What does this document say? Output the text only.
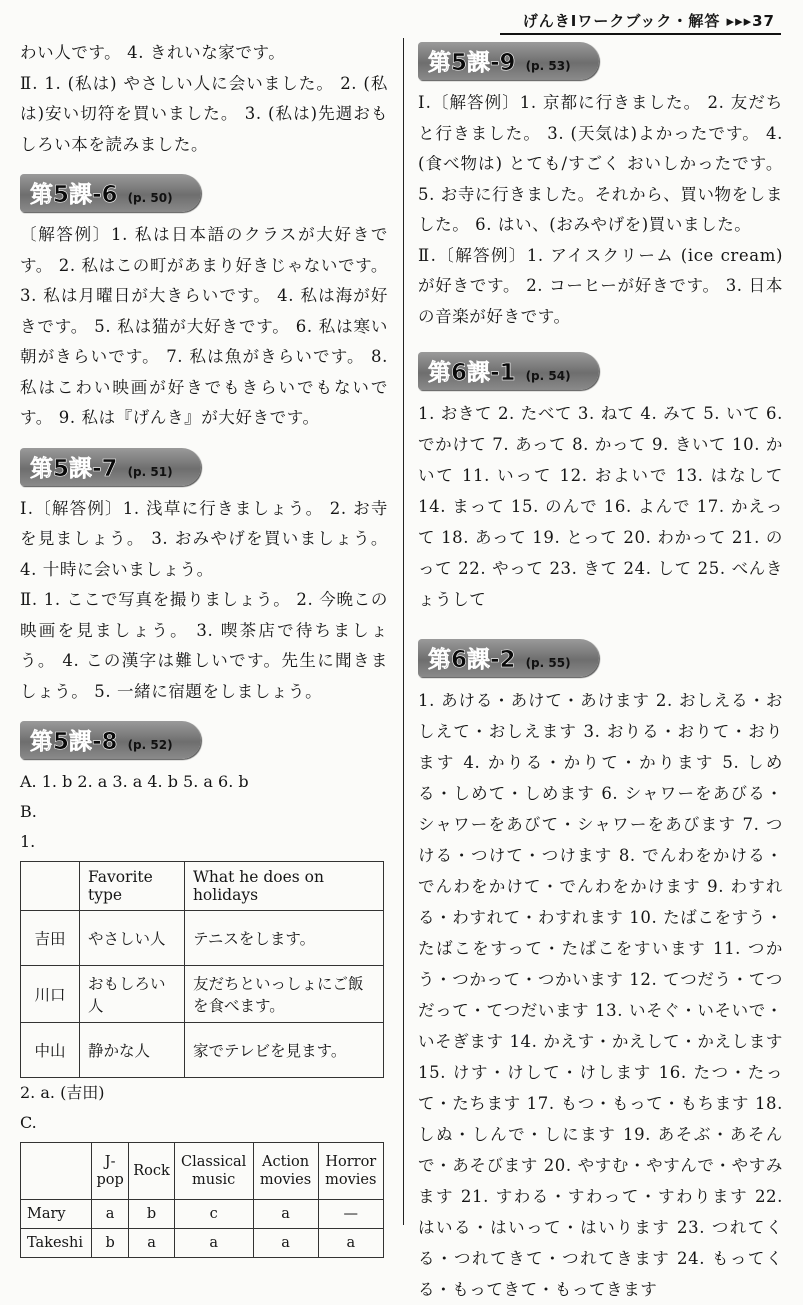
げんきⅠワークブック・解答 ▸▸▸37

わい人です。 4. きれいな家です。

Ⅱ. 1. (私は) やさしい人に会いました。 2. (私は)安い切符を買いました。 3. (私は)先週おもしろい本を読みました。

第5課-6 (p. 50)

〔解答例〕1. 私は日本語のクラスが大好きです。 2. 私はこの町があまり好きじゃないです。 3. 私は月曜日が大きらいです。 4. 私は海が好きです。 5. 私は猫が大好きです。 6. 私は寒い朝がきらいです。 7. 私は魚がきらいです。 8. 私はこわい映画が好きでもきらいでもないです。 9. 私は『げんき』が大好きです。

第5課-7 (p. 51)

Ⅰ.〔解答例〕1. 浅草に行きましょう。 2. お寺を見ましょう。 3. おみやげを買いましょう。 4. 十時に会いましょう。

Ⅱ. 1. ここで写真を撮りましょう。 2. 今晩この映画を見ましょう。 3. 喫茶店で待ちましょう。 4. この漢字は難しいです。先生に聞きましょう。 5. 一緒に宿題をしましょう。

第5課-8 (p. 52)

A. 1. b 2. a 3. a 4. b 5. a 6. b

B.

1.

	Favorite type	What he does on holidays
吉田	やさしい人	テニスをします。
川口	おもしろい人	友だちといっしょにご飯を食べます。
中山	静かな人	家でテレビを見ます。

2. a. (吉田)

C.

	J-pop	Rock	Classical music	Action movies	Horror movies
Mary	a	b	c	a	—
Takeshi	b	a	a	a	a
第5課-9 (p. 53)

Ⅰ.〔解答例〕1. 京都に行きました。 2. 友だちと行きました。 3. (天気は)よかったです。 4. (食べ物は) とても/すごく おいしかったです。 5. お寺に行きました。それから、買い物をしました。 6. はい、(おみやげを)買いました。

Ⅱ.〔解答例〕1. アイスクリーム (ice cream) が好きです。 2. コーヒーが好きです。 3. 日本の音楽が好きです。

第6課-1 (p. 54)

1. おきて 2. たべて 3. ねて 4. みて 5. いて 6. でかけて 7. あって 8. かって 9. きいて 10. かいて 11. いって 12. およいで 13. はなして 14. まって 15. のんで 16. よんで 17. かえって 18. あって 19. とって 20. わかって 21. のって 22. やって 23. きて 24. して 25. べんきょうして

第6課-2 (p. 55)

1. あける・あけて・あけます 2. おしえる・おしえて・おしえます 3. おりる・おりて・おります 4. かりる・かりて・かります 5. しめる・しめて・しめます 6. シャワーをあびる・シャワーをあびて・シャワーをあびます 7. つける・つけて・つけます 8. でんわをかける・でんわをかけて・でんわをかけます 9. わすれる・わすれて・わすれます 10. たばこをすう・たばこをすって・たばこをすいます 11. つかう・つかって・つかいます 12. てつだう・てつだって・てつだいます 13. いそぐ・いそいで・いそぎます 14. かえす・かえして・かえします 15. けす・けして・けします 16. たつ・たって・たちます 17. もつ・もって・もちます 18. しぬ・しんで・しにます 19. あそぶ・あそんで・あそびます 20. やすむ・やすんで・やすみます 21. すわる・すわって・すわります 22. はいる・はいって・はいります 23. つれてくる・つれてきて・つれてきます 24. もってくる・もってきて・もってきます
